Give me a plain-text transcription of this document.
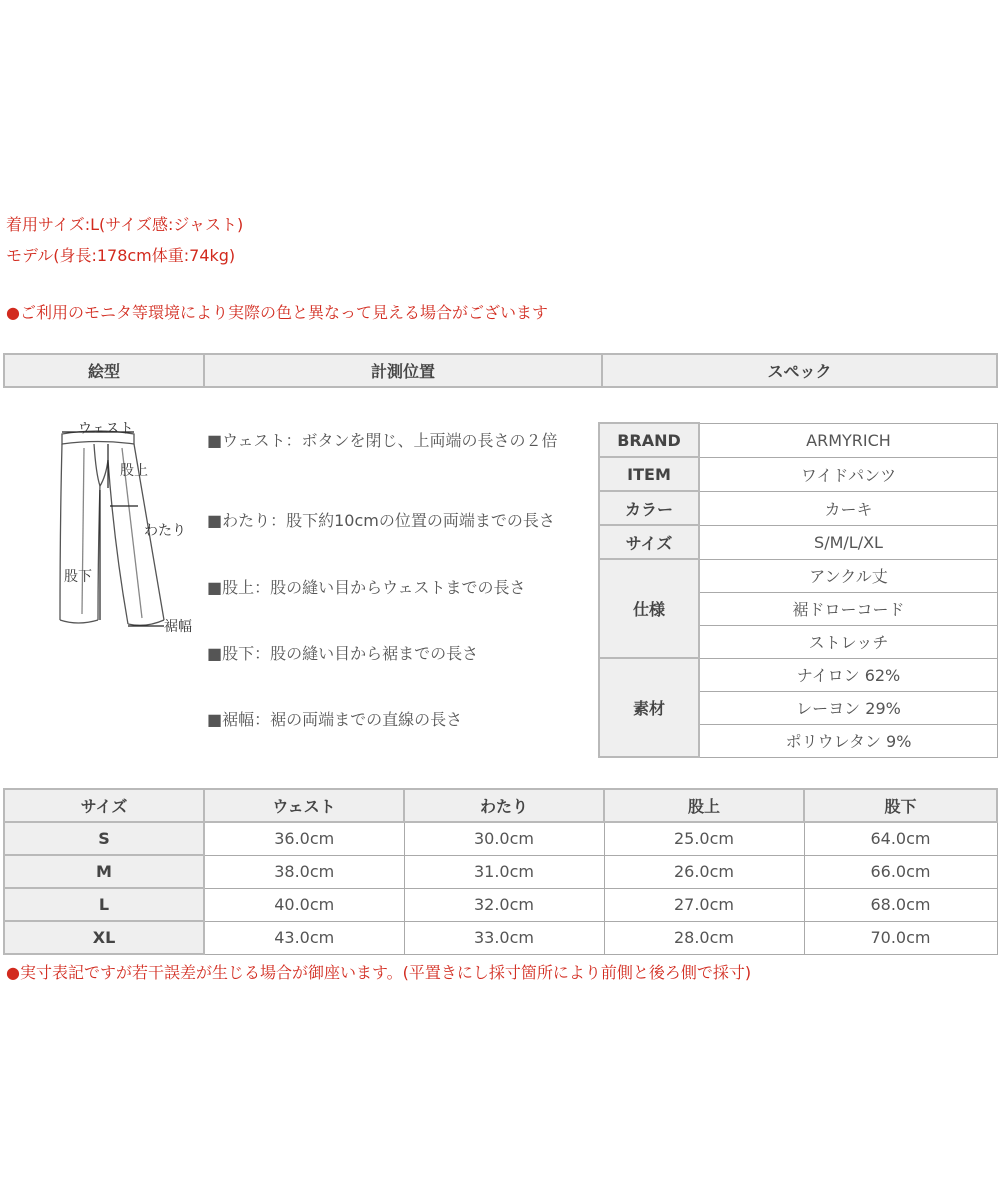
着用サイズ:L(サイズ感:ジャスト)
モデル(身長:178cm体重:74kg)
●ご利用のモニタ等環境により実際の色と異なって見える場合がございます
絵型	計測位置	スペック
ウェスト
股上
わたり
股下
裾幅
■ウェスト：ボタンを閉じ、上両端の長さの２倍
■わたり：股下約10cmの位置の両端までの長さ
■股上：股の縫い目からウェストまでの長さ
■股下：股の縫い目から裾までの長さ
■裾幅：裾の両端までの直線の長さ
BRAND	ARMYRICH
ITEM	ワイドパンツ
カラー	カーキ
サイズ	S/M/L/XL
仕様	アンクル丈
	裾ドローコード
	ストレッチ
素材	ナイロン 62%
	レーヨン 29%
	ポリウレタン 9%
サイズ	ウェスト	わたり	股上	股下
S	36.0cm	30.0cm	25.0cm	64.0cm
M	38.0cm	31.0cm	26.0cm	66.0cm
L	40.0cm	32.0cm	27.0cm	68.0cm
XL	43.0cm	33.0cm	28.0cm	70.0cm
●実寸表記ですが若干誤差が生じる場合が御座います。(平置きにし採寸箇所により前側と後ろ側で採寸)
